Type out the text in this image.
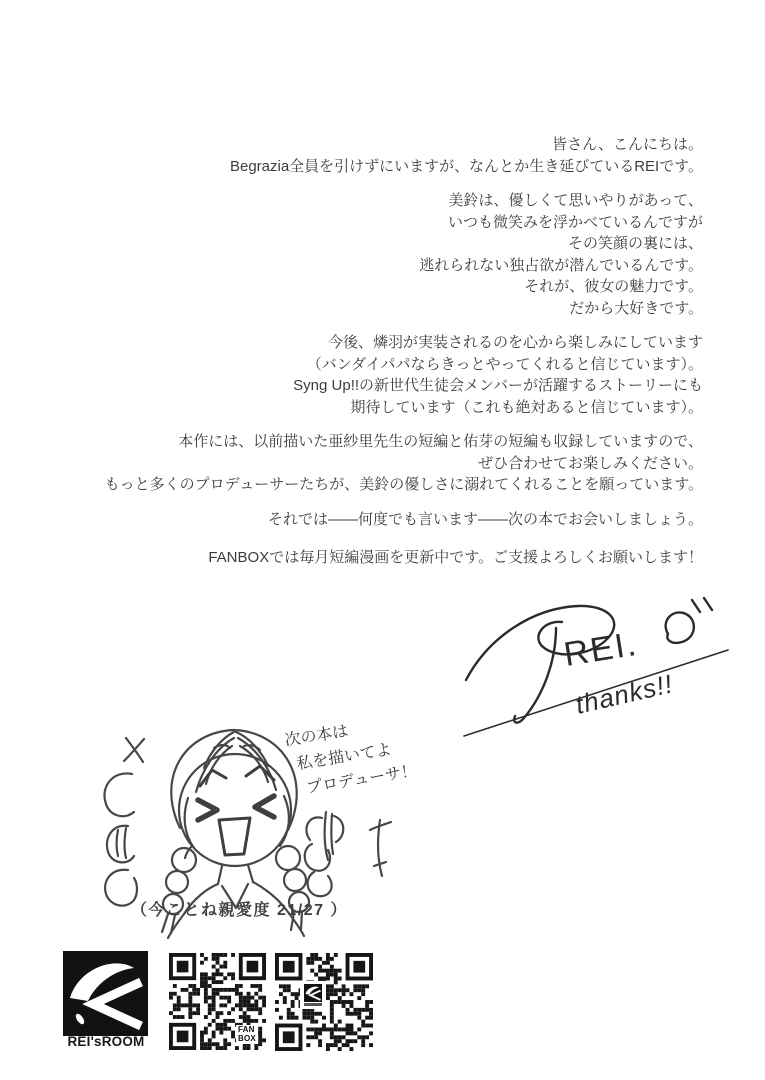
皆さん、こんにちは。
Begrazia全員を引けずにいますが、なんとか生き延びているREIです。
美鈴は、優しくて思いやりがあって、
いつも微笑みを浮かべているんですが
その笑顔の裏には、
逃れられない独占欲が潜んでいるんです。
それが、彼女の魅力です。
だから大好きです。
今後、燐羽が実装されるのを心から楽しみにしています
（バンダイパパならきっとやってくれると信じています）。
Syng Up!!の新世代生徒会メンバーが活躍するストーリーにも
期待しています（これも絶対あると信じています）。
本作には、以前描いた亜紗里先生の短編と佑芽の短編も収録していますので、
ぜひ合わせてお楽しみください。
もっと多くのプロデューサーたちが、美鈴の優しさに溺れてくれることを願っています。
それでは――何度でも言います――次の本でお会いしましょう。
FANBOXでは毎月短編漫画を更新中です。ご支援よろしくお願いします！
REI.
thanks!!
次の本は
私を描いてよ
プロデューサ！
（今ことね親愛度 21/27 ）
REI'sROOM
FAN
BOX
